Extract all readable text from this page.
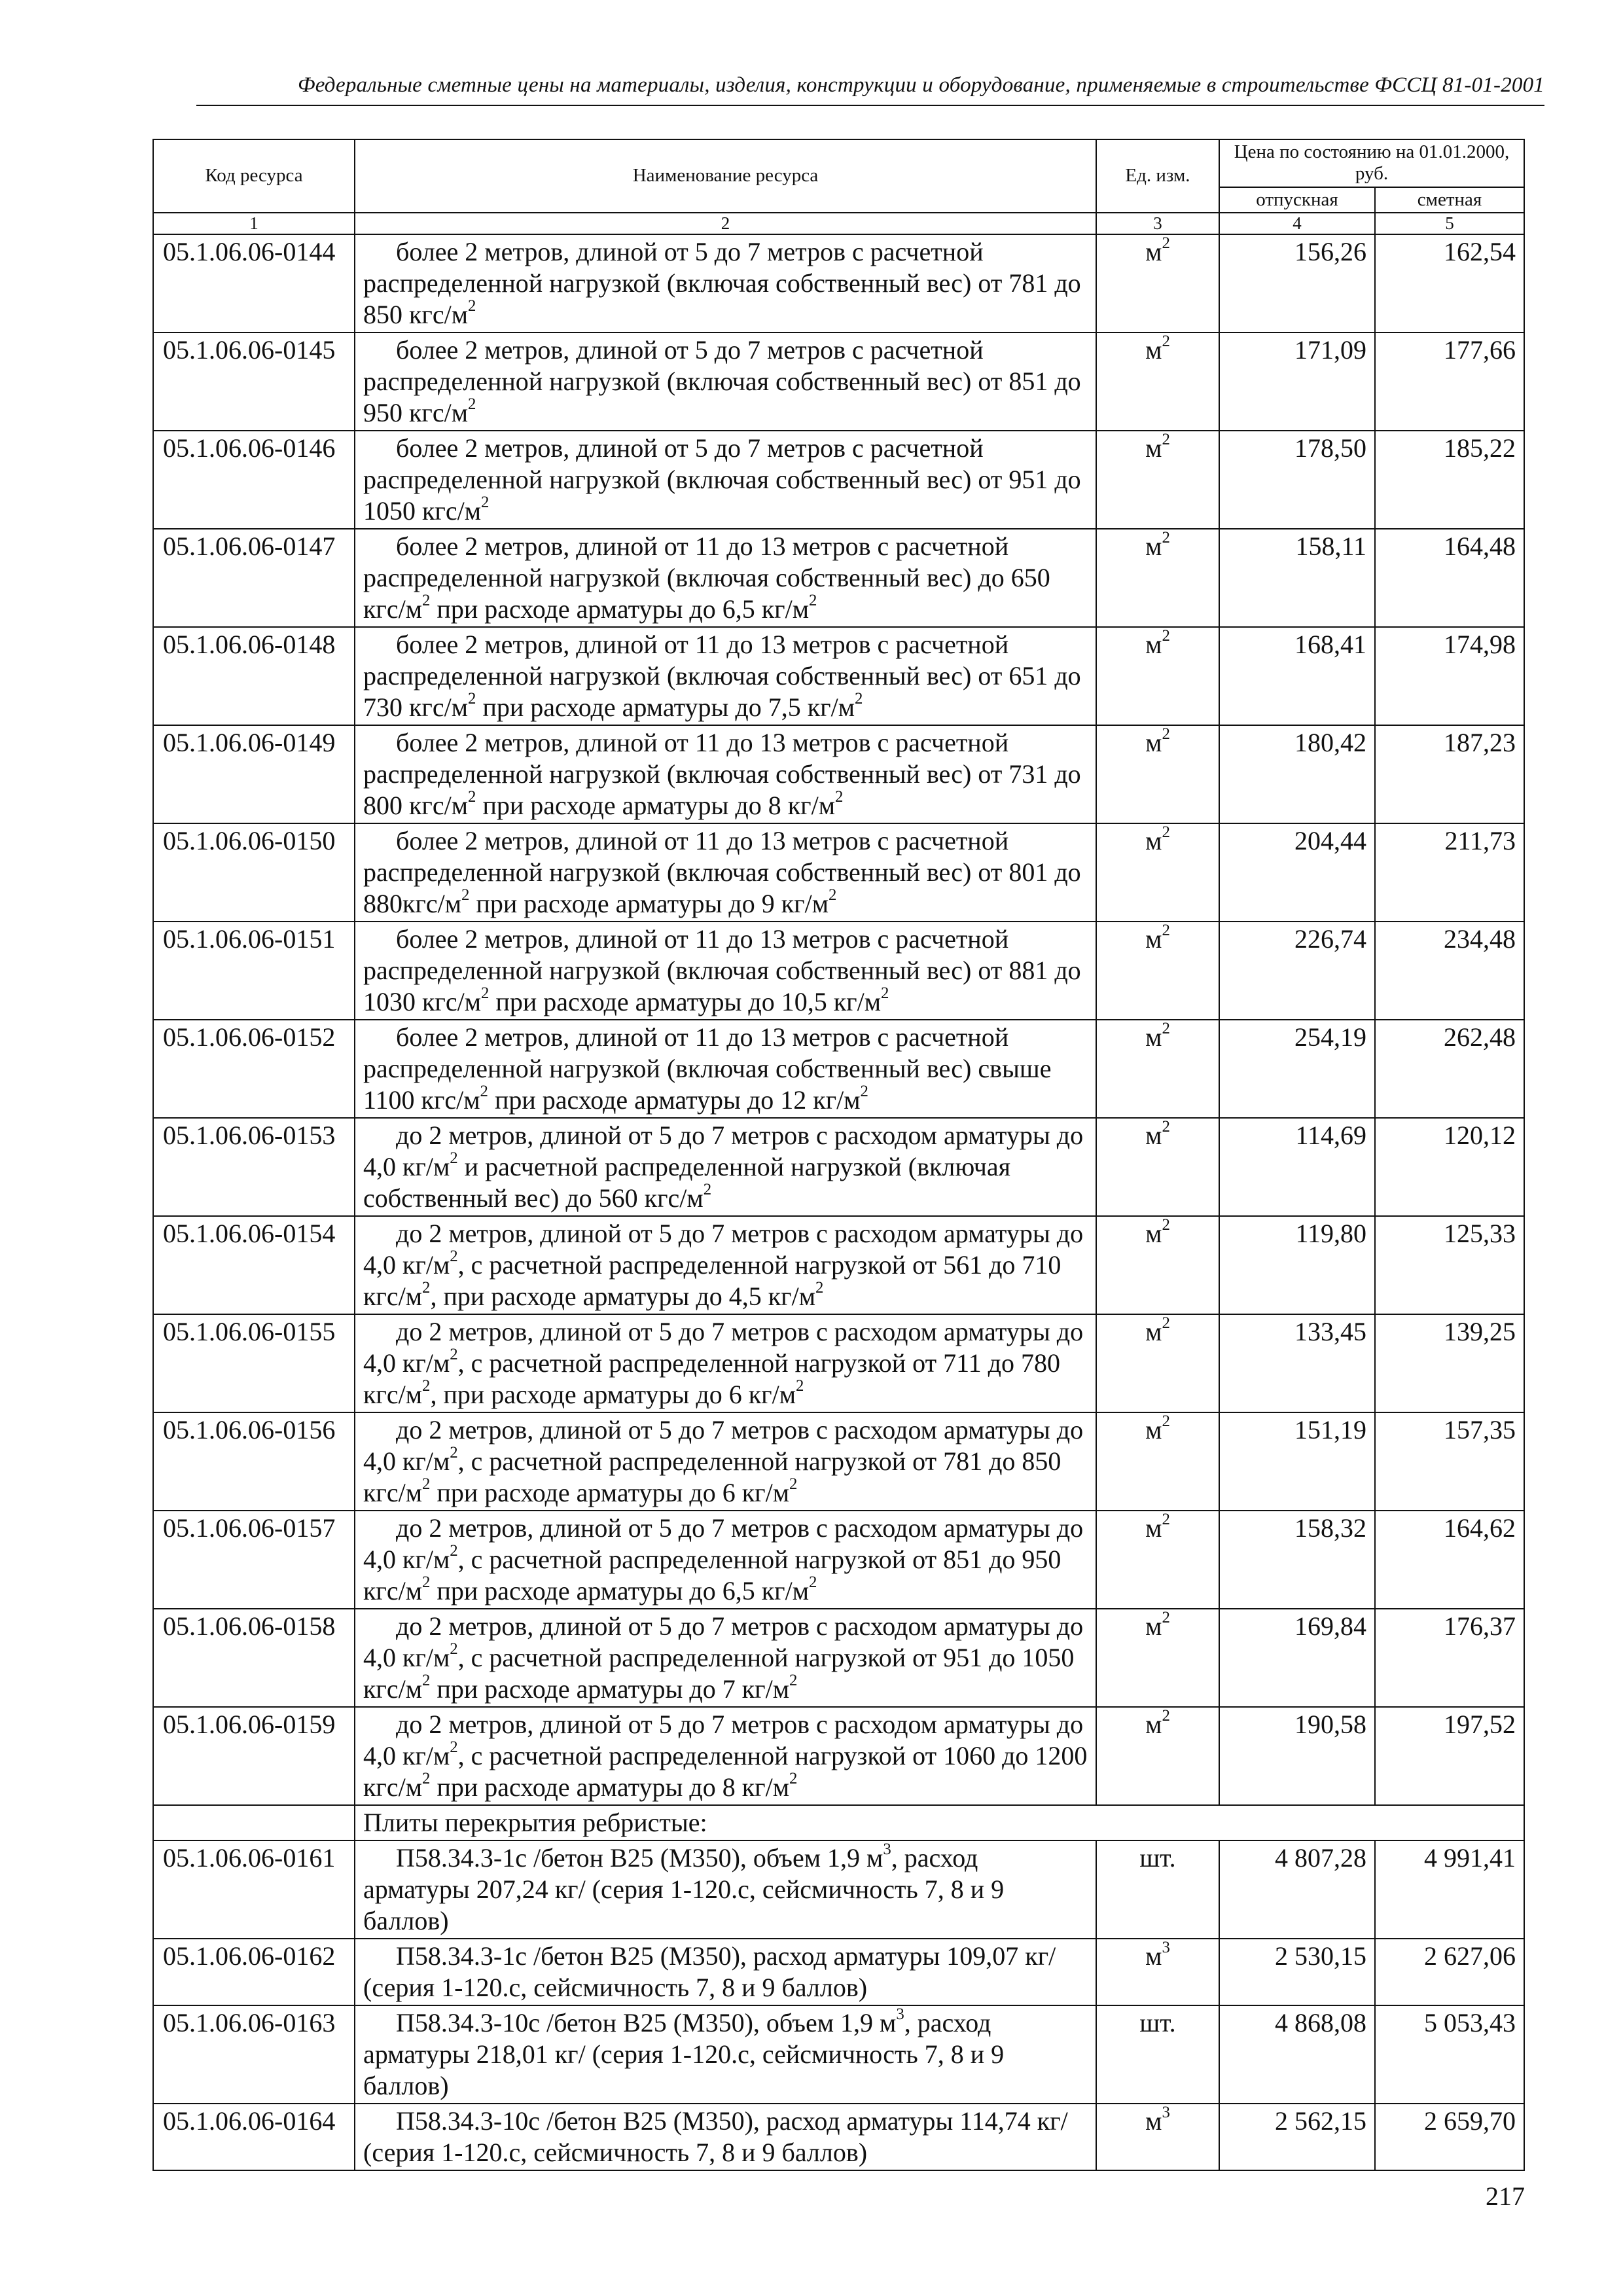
Федеральные сметные цены на материалы, изделия, конструкции и оборудование, применяемые в строительстве ФССЦ 81-01-2001
Код ресурса	Наименование ресурса	Ед. изм.	Цена по состоянию на 01.01.2000, руб.	
			отпускная	сметная
1	2	3	4	5
05.1.06.06-0144	более 2 метров, длиной от 5 до 7 метров с расчетной распределенной нагрузкой (включая собственный вес) от 781 до 850 кгс/$м^2$	$м^2$	156,26	162,54
05.1.06.06-0145	более 2 метров, длиной от 5 до 7 метров с расчетной распределенной нагрузкой (включая собственный вес) от 851 до 950 кгс/$м^2$	$м^2$	171,09	177,66
05.1.06.06-0146	более 2 метров, длиной от 5 до 7 метров с расчетной распределенной нагрузкой (включая собственный вес) от 951 до 1050 кгс/$м^2$	$м^2$	178,50	185,22
05.1.06.06-0147	более 2 метров, длиной от 11 до 13 метров с расчетной распределенной нагрузкой (включая собственный вес) до 650 кгс/$м^2$ при расходе арматуры до 6,5 $кг/м^2$	$м^2$	158,11	164,48
05.1.06.06-0148	более 2 метров, длиной от 11 до 13 метров с расчетной распределенной нагрузкой (включая собственный вес) от 651 до 730 кгс/$м^2$ при расходе арматуры до 7,5 $кг/м^2$	$м^2$	168,41	174,98
05.1.06.06-0149	более 2 метров, длиной от 11 до 13 метров с расчетной распределенной нагрузкой (включая собственный вес) от 731 до 800 кгс/$м^2$ при расходе арматуры до 8 $кг/м^2$	$м^2$	180,42	187,23
05.1.06.06-0150	более 2 метров, длиной от 11 до 13 метров с расчетной распределенной нагрузкой (включая собственный вес) от 801 до $880кгс/м^2$ при расходе арматуры до 9 $кг/м^2$	$м^2$	204,44	211,73
05.1.06.06-0151	более 2 метров, длиной от 11 до 13 метров с расчетной распределенной нагрузкой (включая собственный вес) от 881 до 1030 кгс/$м^2$ при расходе арматуры до 10,5 $кг/м^2$	$м^2$	226,74	234,48
05.1.06.06-0152	более 2 метров, длиной от 11 до 13 метров с расчетной распределенной нагрузкой (включая собственный вес) свыше 1100 кгс/$м^2$ при расходе арматуры до 12 $кг/м^2$	$м^2$	254,19	262,48
05.1.06.06-0153	до 2 метров, длиной от 5 до 7 метров с расходом арматуры до 4,0 $кг/м^2$ и расчетной распределенной нагрузкой (включая собственный вес) до 560 кгс/$м^2$	$м^2$	114,69	120,12
05.1.06.06-0154	до 2 метров, длиной от 5 до 7 метров с расходом арматуры до 4,0 $кг/м^2$, с расчетной распределенной нагрузкой от 561 до 710 кгс/$м^2$, при расходе арматуры до 4,5 $кг/м^2$	$м^2$	119,80	125,33
05.1.06.06-0155	до 2 метров, длиной от 5 до 7 метров с расходом арматуры до 4,0 $кг/м^2$, с расчетной распределенной нагрузкой от 711 до 780 кгс/$м^2$, при расходе арматуры до 6 $кг/м^2$	$м^2$	133,45	139,25
05.1.06.06-0156	до 2 метров, длиной от 5 до 7 метров с расходом арматуры до 4,0 $кг/м^2$, с расчетной распределенной нагрузкой от 781 до 850 кгс/$м^2$ при расходе арматуры до 6 $кг/м^2$	$м^2$	151,19	157,35
05.1.06.06-0157	до 2 метров, длиной от 5 до 7 метров с расходом арматуры до 4,0 $кг/м^2$, с расчетной распределенной нагрузкой от 851 до 950 кгс/$м^2$ при расходе арматуры до 6,5 $кг/м^2$	$м^2$	158,32	164,62
05.1.06.06-0158	до 2 метров, длиной от 5 до 7 метров с расходом арматуры до 4,0 $кг/м^2$, с расчетной распределенной нагрузкой от 951 до 1050 кгс/$м^2$ при расходе арматуры до 7 $кг/м^2$	$м^2$	169,84	176,37
05.1.06.06-0159	до 2 метров, длиной от 5 до 7 метров с расходом арматуры до 4,0 $кг/м^2$, с расчетной распределенной нагрузкой от 1060 до 1200 кгс/$м^2$ при расходе арматуры до 8 $кг/м^2$	$м^2$	190,58	197,52
	Плиты перекрытия ребристые:			
05.1.06.06-0161	П58.34.3-1с /бетон В25 (М350), объем 1,9 $м^3$, расход арматуры 207,24 кг/ (серия 1-120.с, сейсмичность 7, 8 и 9 баллов)	шт.	4 807,28	4 991,41
05.1.06.06-0162	П58.34.3-1с /бетон В25 (М350), расход арматуры 109,07 кг/ (серия 1-120.с, сейсмичность 7, 8 и 9 баллов)	$м^3$	2 530,15	2 627,06
05.1.06.06-0163	П58.34.3-10с /бетон В25 (М350), объем 1,9 $м^3$, расход арматуры 218,01 кг/ (серия 1-120.с, сейсмичность 7, 8 и 9 баллов)	шт.	4 868,08	5 053,43
05.1.06.06-0164	П58.34.3-10с /бетон В25 (М350), расход арматуры 114,74 кг/ (серия 1-120.с, сейсмичность 7, 8 и 9 баллов)	$м^3$	2 562,15	2 659,70
217
